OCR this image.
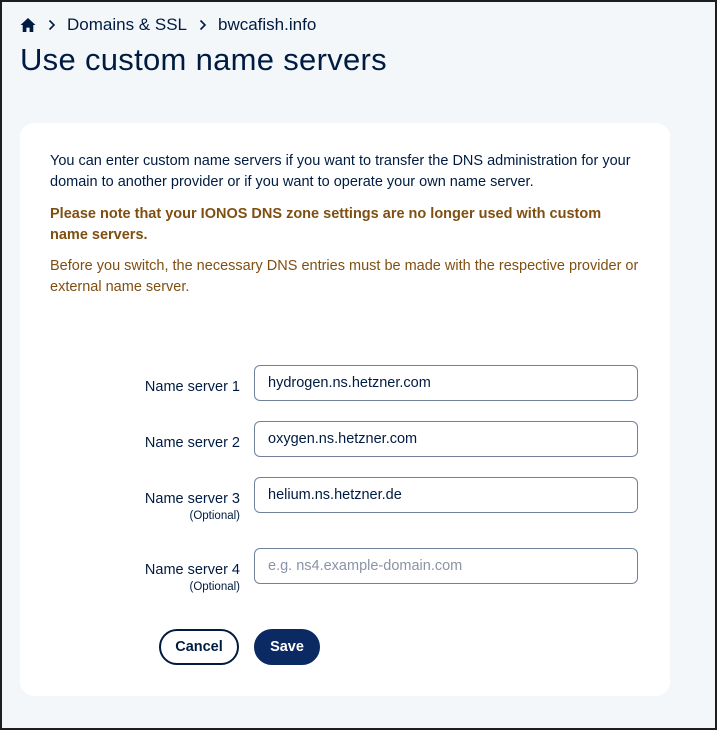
Domains & SSL bwcafish.info
Use custom name servers

You can enter custom name servers if you want to transfer the DNS administration for your domain to another provider or if you want to operate your own name server.

Please note that your IONOS DNS zone settings are no longer used with custom name servers.

Before you switch, the necessary DNS entries must be made with the respective provider or external name server.

Name server 1
hydrogen.ns.hetzner.com
Name server 2
oxygen.ns.hetzner.com
Name server 3
(Optional)
helium.ns.hetzner.de
Name server 4
(Optional)
e.g. ns4.example-domain.com
Cancel	Save
